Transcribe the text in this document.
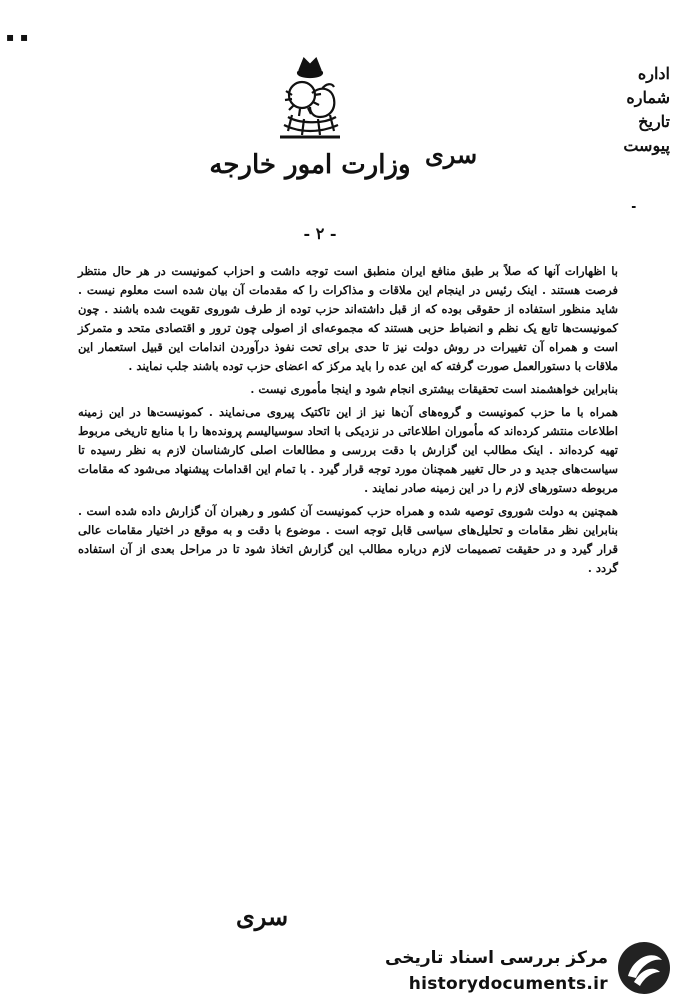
▪ ▪
سری
وزارت امور خارجه
اداره
شماره
تاریخ
پیوست
╸
- ۲ -

با اظهارات آنها که صلاً بر طبق منافع ایران منطبق است توجه داشت و احزاب کمونیست در هر حال منتظر فرصت هستند . اینک رئیس در اینجام این ملاقات و مذاکرات را که مقدمات آن بیان شده است معلوم نیست . شاید منظور استفاده از حقوقی بوده که از قبل داشته‌اند حزب توده از طرف شوروی تقویت شده باشند . چون کمونیست‌ها تابع یک نظم و انضباط حزبی هستند که مجموعه‌ای از اصولی چون ترور و اقتصادی متحد و متمرکز است و همراه آن تغییرات در روش دولت نیز تا حدی برای تحت نفوذ درآوردن اندامات این قبیل استعمار این ملاقات با دستورالعمل صورت گرفته که این عده را باید مرکز که اعضای حزب توده باشند جلب نمایند .

بنابراین خواهشمند است تحقیقات بیشتری انجام شود و اینجا مأموری نیست .

همراه با ما حزب کمونیست و گروه‌های آن‌ها نیز از این تاکتیک پیروی می‌نمایند . کمونیست‌ها در این زمینه اطلاعات منتشر کرده‌اند که مأموران اطلاعاتی در نزدیکی با اتحاد سوسیالیسم پرونده‌ها را با منابع تاریخی مربوط تهیه کرده‌اند . اینک مطالب این گزارش با دقت بررسی و مطالعات اصلی کارشناسان لازم به نظر رسیده تا سیاست‌های جدید و در حال تغییر همچنان مورد توجه قرار گیرد . با تمام این اقدامات پیشنهاد می‌شود که مقامات مربوطه دستورهای لازم را در این زمینه صادر نمایند .

همچنین به دولت شوروی توصیه شده و همراه حزب کمونیست آن کشور و رهبران آن گزارش داده شده است . بنابراین نظر مقامات و تحلیل‌های سیاسی قابل توجه است . موضوع با دقت و به موقع در اختیار مقامات عالی قرار گیرد و در حقیقت تصمیمات لازم درباره مطالب این گزارش اتخاذ شود تا در مراحل بعدی از آن استفاده گردد .

سری
مرکز بررسی اسناد تاریخی
historydocuments.ir
